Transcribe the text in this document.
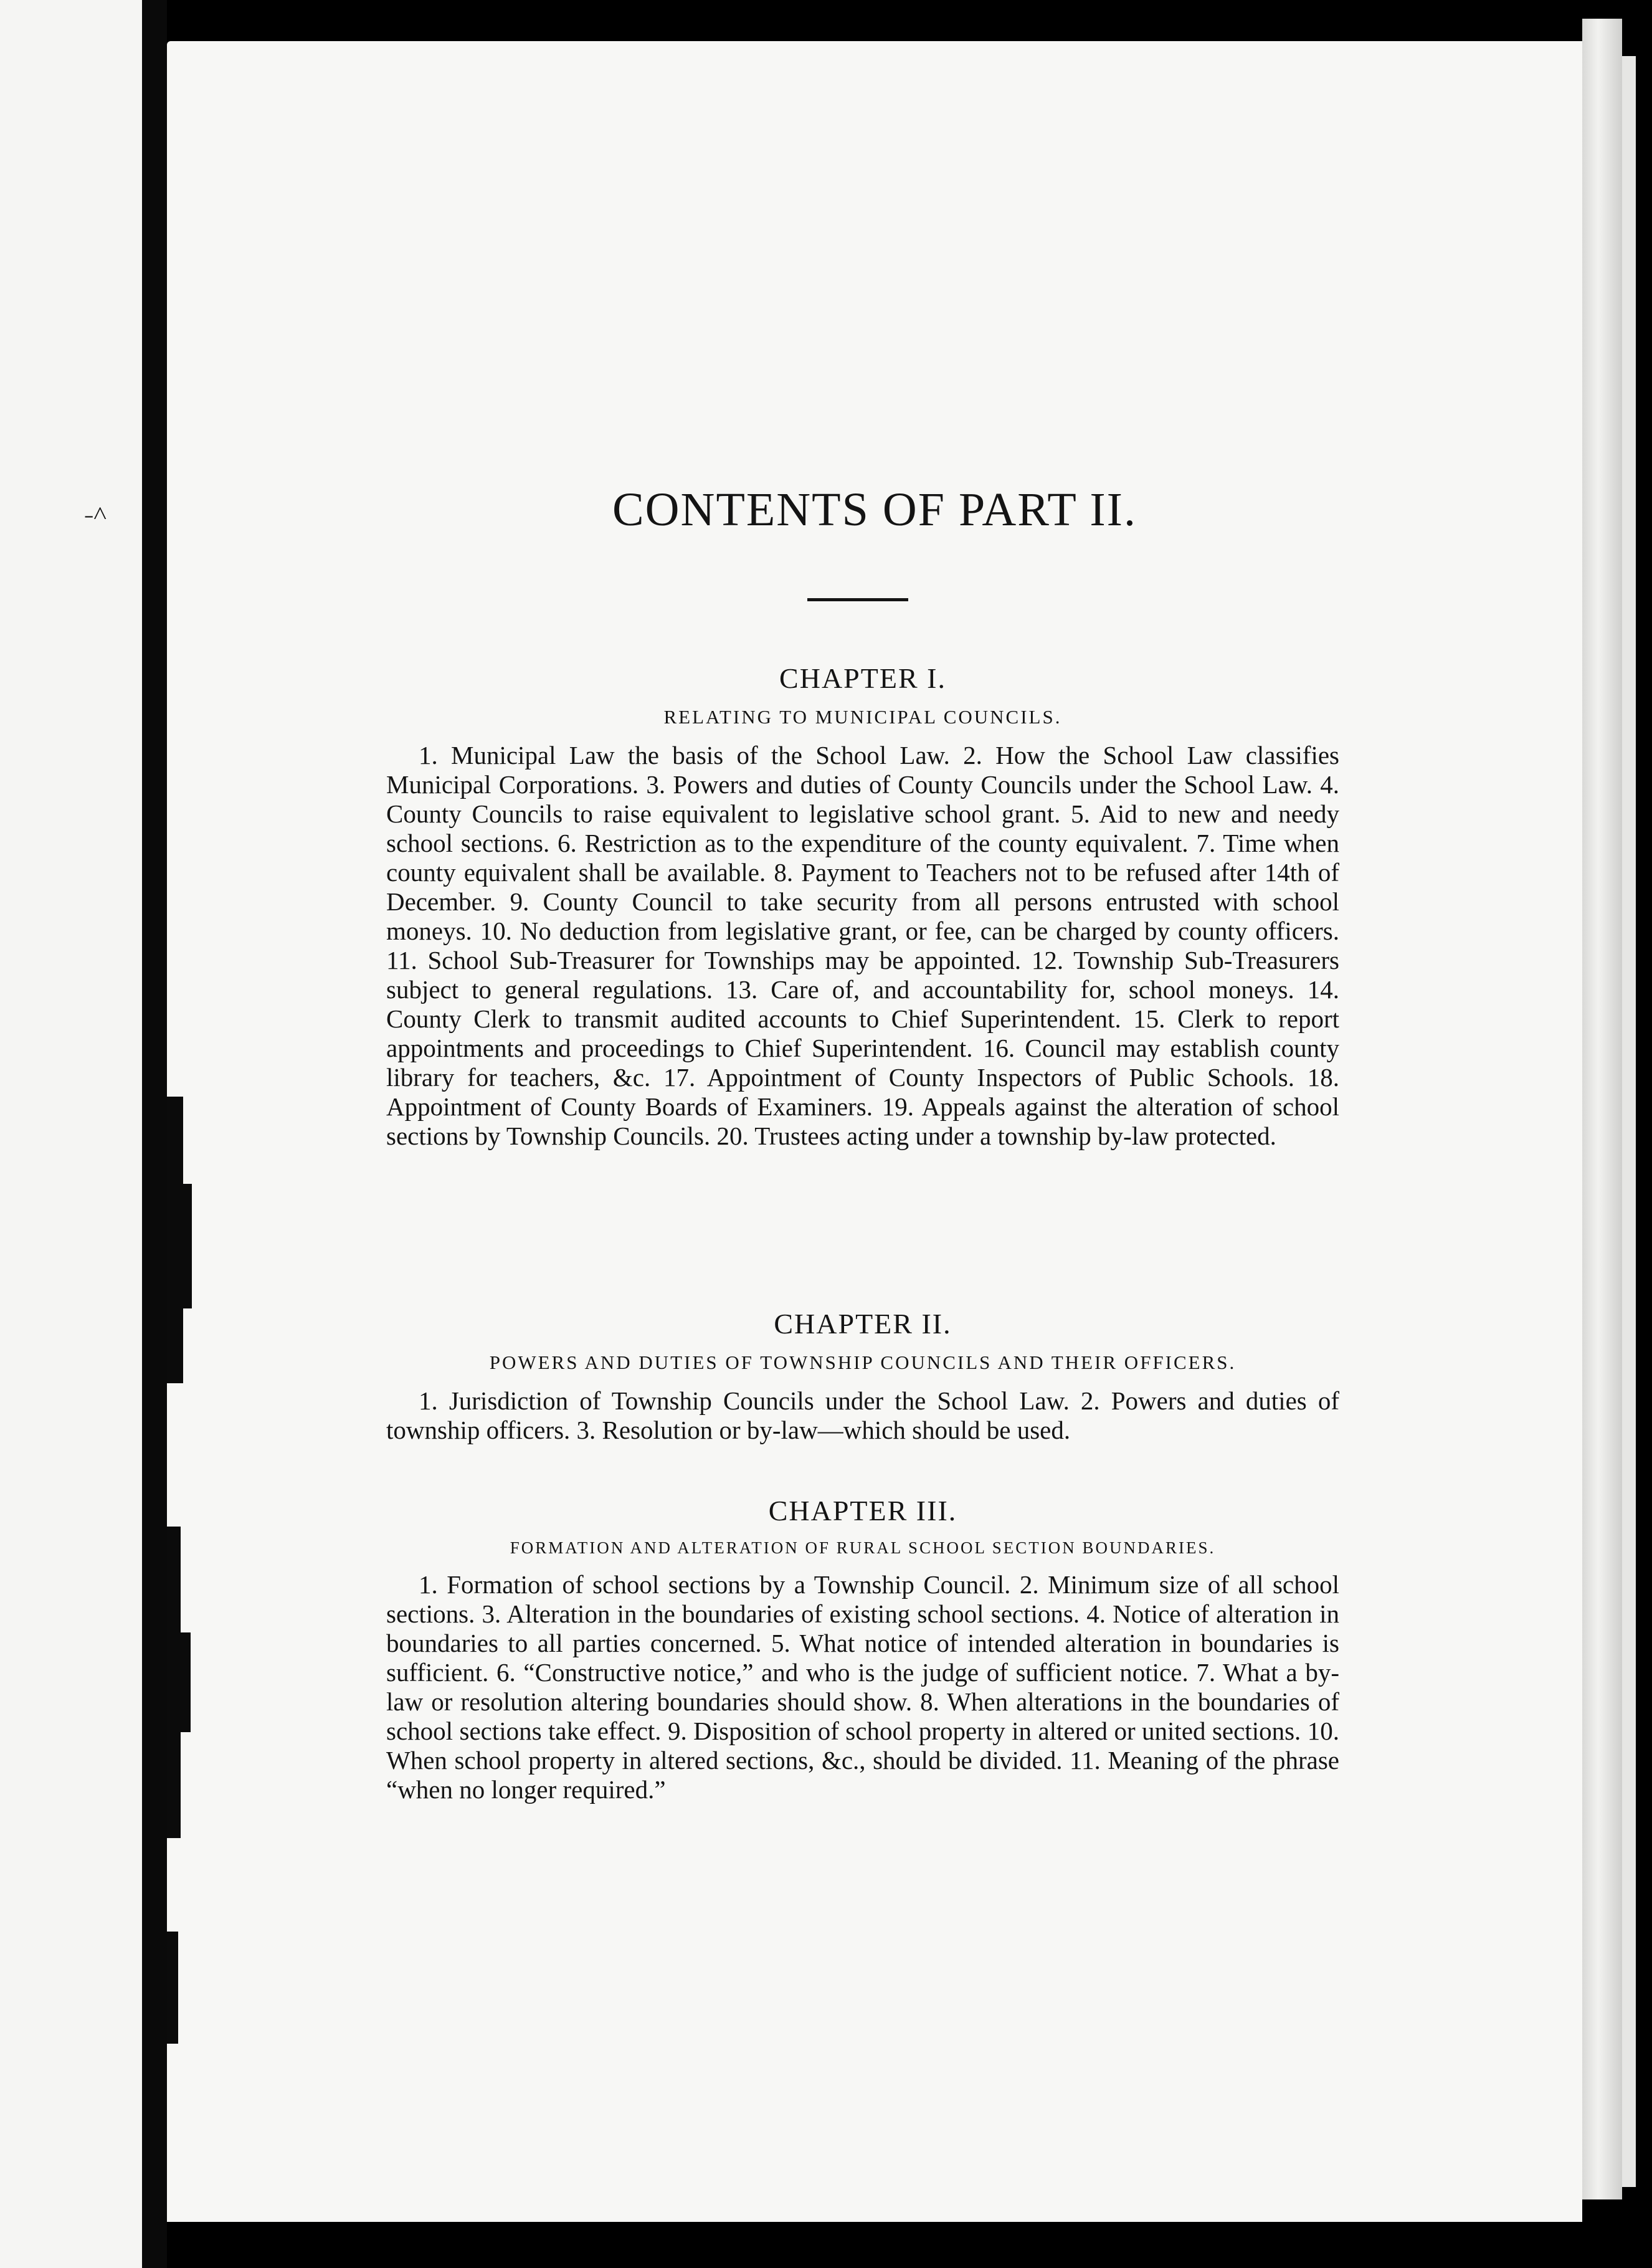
˗˄	CONTENTS OF PART II.
CHAPTER I.
RELATING TO MUNICIPAL COUNCILS.

1. Municipal Law the basis of the School Law. 2. How the School Law classifies Municipal Corporations. 3. Powers and duties of County Councils under the School Law. 4. County Councils to raise equivalent to legislative school grant. 5. Aid to new and needy school sections. 6. Restriction as to the expenditure of the county equivalent. 7. Time when county equivalent shall be available. 8. Payment to Teachers not to be refused after 14th of December. 9. County Council to take security from all persons entrusted with school moneys. 10. No deduction from legislative grant, or fee, can be charged by county officers. 11. School Sub-Treasurer for Townships may be appointed. 12. Township Sub-Treasurers subject to general regulations. 13. Care of, and accountability for, school moneys. 14. County Clerk to transmit audited accounts to Chief Superintendent. 15. Clerk to report appointments and proceedings to Chief Superintendent. 16. Council may establish county library for teachers, &c. 17. Appointment of County Inspectors of Public Schools. 18. Appointment of County Boards of Examiners. 19. Appeals against the alteration of school sections by Township Councils. 20. Trustees acting under a township by-law protected.

CHAPTER II.
POWERS AND DUTIES OF TOWNSHIP COUNCILS AND THEIR OFFICERS.

1. Jurisdiction of Township Councils under the School Law. 2. Powers and duties of township officers. 3. Resolution or by-law—which should be used.

CHAPTER III.
FORMATION AND ALTERATION OF RURAL SCHOOL SECTION BOUNDARIES.

1. Formation of school sections by a Township Council. 2. Minimum size of all school sections. 3. Alteration in the boundaries of existing school sections. 4. Notice of alteration in boundaries to all parties concerned. 5. What notice of intended alteration in boundaries is sufficient. 6. “Constructive notice,” and who is the judge of sufficient notice. 7. What a by-law or resolution altering boundaries should show. 8. When alterations in the boundaries of school sections take effect. 9. Disposition of school property in altered or united sections. 10. When school property in altered sections, &c., should be divided. 11. Meaning of the phrase “when no longer required.”
